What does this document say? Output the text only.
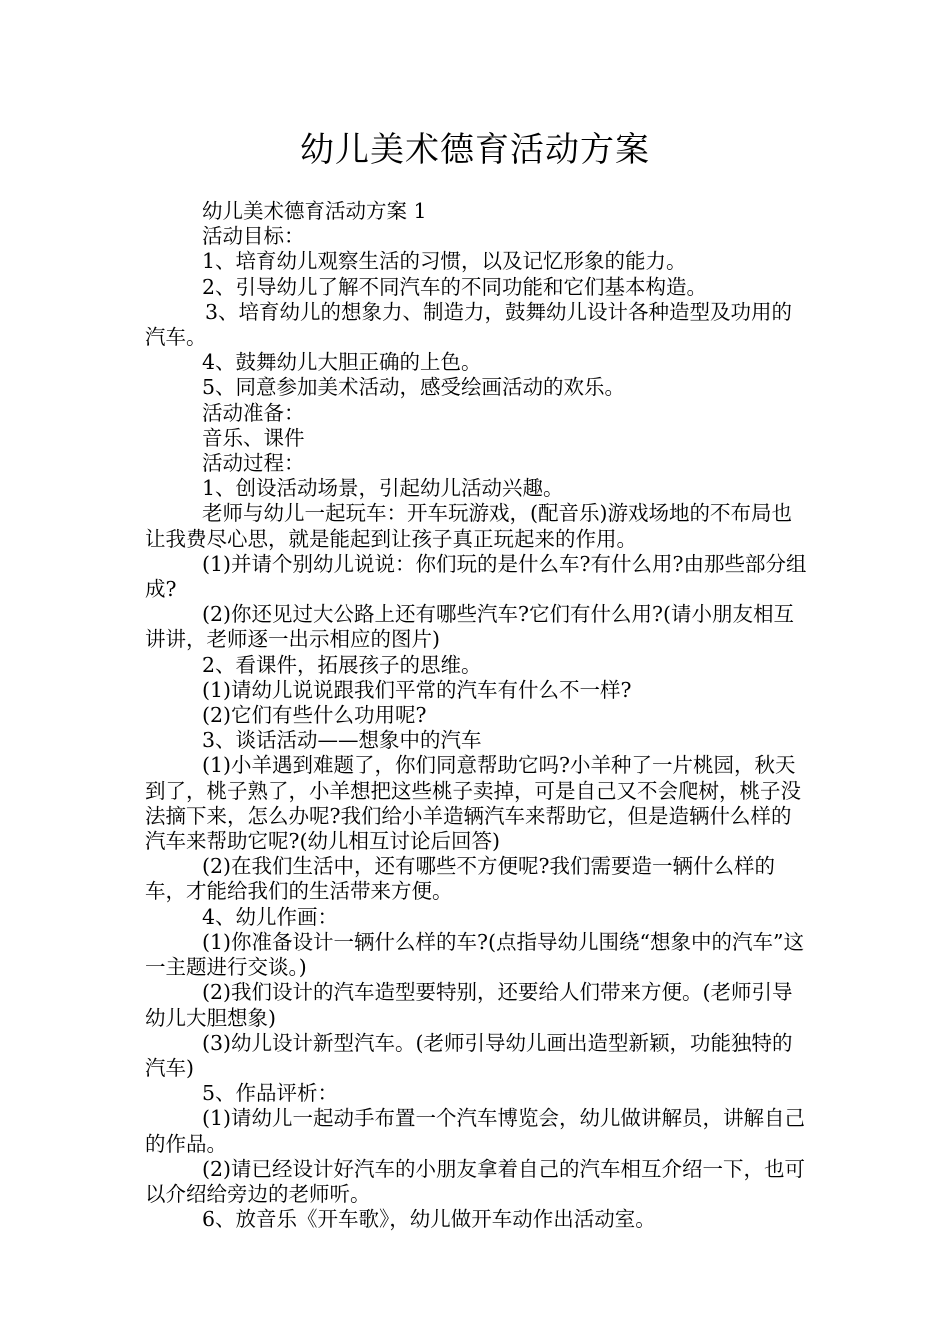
幼儿美术德育活动方案

幼儿美术德育活动方案 1

活动目标：

1、培育幼儿观察生活的习惯，以及记忆形象的能力。

2、引导幼儿了解不同汽车的不同功能和它们基本构造。

3、培育幼儿的想象力、制造力，鼓舞幼儿设计各种造型及功用的汽车。

4、鼓舞幼儿大胆正确的上色。

5、同意参加美术活动，感受绘画活动的欢乐。

活动准备：

音乐、课件

活动过程：

1、创设活动场景，引起幼儿活动兴趣。

老师与幼儿一起玩车：开车玩游戏，(配音乐)游戏场地的不布局也让我费尽心思，就是能起到让孩子真正玩起来的作用。

(1)并请个别幼儿说说：你们玩的是什么车?有什么用?由那些部分组成?

(2)你还见过大公路上还有哪些汽车?它们有什么用?(请小朋友相互讲讲，老师逐一出示相应的图片)

2、看课件，拓展孩子的思维。

(1)请幼儿说说跟我们平常的汽车有什么不一样?

(2)它们有些什么功用呢?

3、谈话活动——想象中的汽车

(1)小羊遇到难题了，你们同意帮助它吗?小羊种了一片桃园，秋天到了，桃子熟了，小羊想把这些桃子卖掉，可是自己又不会爬树，桃子没法摘下来，怎么办呢?我们给小羊造辆汽车来帮助它，但是造辆什么样的汽车来帮助它呢?(幼儿相互讨论后回答)

(2)在我们生活中，还有哪些不方便呢?我们需要造一辆什么样的车，才能给我们的生活带来方便。

4、幼儿作画：

(1)你准备设计一辆什么样的车?(点指导幼儿围绕“想象中的汽车”这一主题进行交谈。)

(2)我们设计的汽车造型要特别，还要给人们带来方便。(老师引导幼儿大胆想象)

(3)幼儿设计新型汽车。(老师引导幼儿画出造型新颖，功能独特的汽车)

5、作品评析：

(1)请幼儿一起动手布置一个汽车博览会，幼儿做讲解员，讲解自己的作品。

(2)请已经设计好汽车的小朋友拿着自己的汽车相互介绍一下，也可以介绍给旁边的老师听。

6、放音乐《开车歌》，幼儿做开车动作出活动室。
